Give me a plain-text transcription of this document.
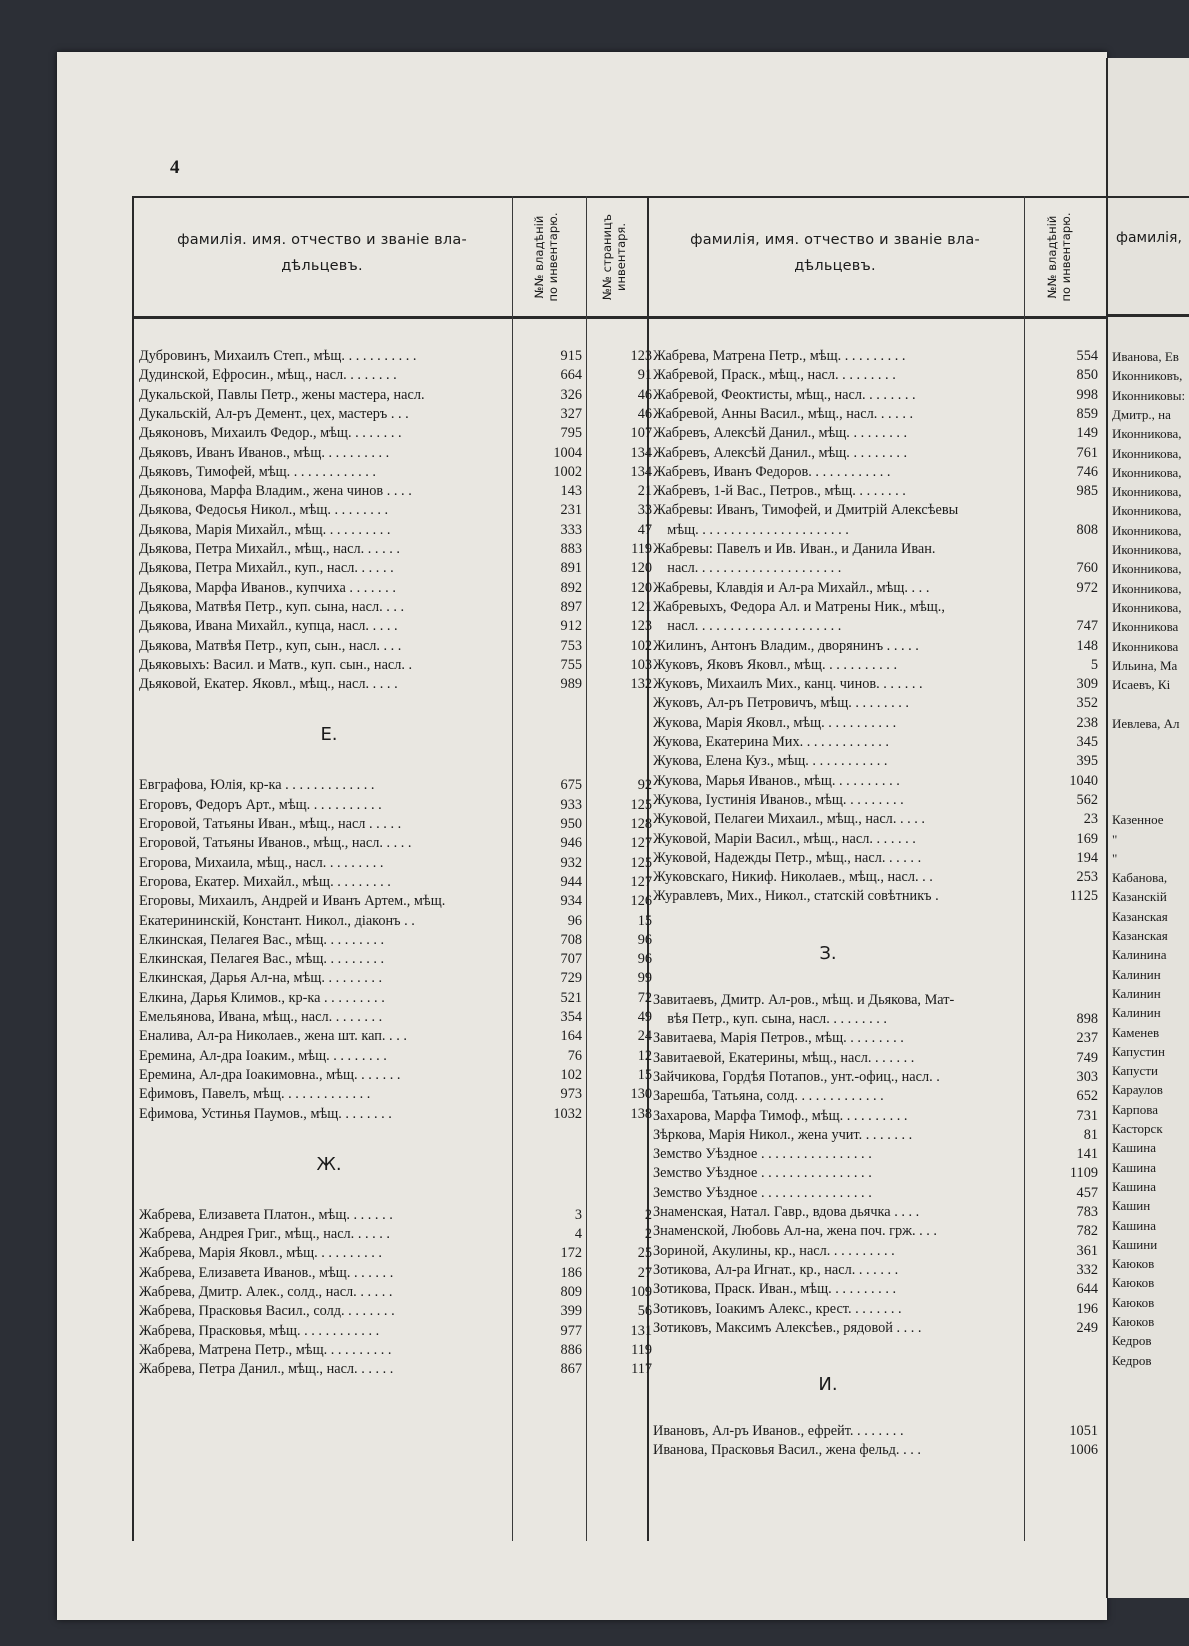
4
фамилія. имя. отчество и званіе вла-
дѣльцевъ.	№№ владѣній по инвентарю.	№№ страницъ инвентаря.	фамилія, имя. отчество и званіе вла-
дѣльцевъ.	№№ владѣній по инвентарю.
Дубровинъ, Михаилъ Степ., мѣщ. . . . . . . . . . .	915	123
Дудинской, Ефросин., мѣщ., насл. . . . . . . .	664	91
Дукальской, Павлы Петр., жены мастера, насл.	326	46
Дукальскій, Ал-ръ Демент., цех, мастеръ . . .	327	46
Дьяконовъ, Михаилъ Федор., мѣщ. . . . . . . .	795	107
Дьяковъ, Иванъ Иванов., мѣщ. . . . . . . . . .	1004	134
Дьяковъ, Тимофей, мѣщ. . . . . . . . . . . . .	1002	134
Дьяконова, Марфа Владим., жена чинов . . . .	143	21
Дьякова, Федосья Никол., мѣщ. . . . . . . . .	231	33
Дьякова, Марія Михайл., мѣщ. . . . . . . . . .	333	47
Дьякова, Петра Михайл., мѣщ., насл. . . . . .	883	119
Дьякова, Петра Михайл., куп., насл. . . . . .	891	120
Дьякова, Марфа Иванов., купчиха . . . . . . .	892	120
Дьякова, Матвѣя Петр., куп. сына, насл. . . .	897	121
Дьякова, Ивана Михайл., купца, насл. . . . .	912	123
Дьякова, Матвѣя Петр., куп, сын., насл. . . .	753	102
Дьяковыхъ: Васил. и Матв., куп. сын., насл. .	755	103
Дьяковой, Екатер. Яковл., мѣщ., насл. . . . .	989	132
Е.
Евграфова, Юлія, кр-ка . . . . . . . . . . . . .	675	92
Егоровъ, Федоръ Арт., мѣщ. . . . . . . . . . .	933	125
Егоровой, Татьяны Иван., мѣщ., насл . . . . .	950	128
Егоровой, Татьяны Иванов., мѣщ., насл. . . . .	946	127
Егорова, Михаила, мѣщ., насл. . . . . . . . .	932	125
Егорова, Екатер. Михайл., мѣщ. . . . . . . . .	944	127
Егоровы, Михаилъ, Андрей и Иванъ Артем., мѣщ.	934	126
Екатерининскій, Констант. Никол., діаконъ . .	96	15
Елкинская, Пелагея Вас., мѣщ. . . . . . . . .	708	96
Елкинская, Пелагея Вас., мѣщ. . . . . . . . .	707	96
Елкинская, Дарья Ал-на, мѣщ. . . . . . . . .	729	99
Елкина, Дарья Климов., кр-ка . . . . . . . . .	521	72
Емельянова, Ивана, мѣщ., насл. . . . . . . .	354	49
Еналива, Ал-ра Николаев., жена шт. кап. . . .	164	24
Еремина, Ал-дра Іоаким., мѣщ. . . . . . . . .	76	12
Еремина, Ал-дра Іоакимовна., мѣщ. . . . . . .	102	15
Ефимовъ, Павелъ, мѣщ. . . . . . . . . . . . .	973	130
Ефимова, Устинья Паумов., мѣщ. . . . . . . .	1032	138
Ж.
Жабрева, Елизавета Платон., мѣщ. . . . . . .	3	2
Жабрева, Андрея Григ., мѣщ., насл. . . . . .	4	2
Жабрева, Марія Яковл., мѣщ. . . . . . . . . .	172	25
Жабрева, Елизавета Иванов., мѣщ. . . . . . .	186	27
Жабрева, Дмитр. Алек., солд., насл. . . . . .	809	109
Жабрева, Прасковья Васил., солд. . . . . . . .	399	56
Жабрева, Прасковья, мѣщ. . . . . . . . . . . .	977	131
Жабрева, Матрена Петр., мѣщ. . . . . . . . . .	886	119
Жабрева, Петра Данил., мѣщ., насл. . . . . .	867	117
Жабрева, Матрена Петр., мѣщ. . . . . . . . . .	554
Жабревой, Праск., мѣщ., насл. . . . . . . . .	850
Жабревой, Феоктисты, мѣщ., насл. . . . . . . .	998
Жабревой, Анны Васил., мѣщ., насл. . . . . .	859
Жабревъ, Алексѣй Данил., мѣщ. . . . . . . . .	149
Жабревъ, Алексѣй Данил., мѣщ. . . . . . . . .	761
Жабревъ, Иванъ Федоров. . . . . . . . . . . .	746
Жабревъ, 1-й Вас., Петров., мѣщ. . . . . . . .	985
Жабревы: Иванъ, Тимофей, и Дмитрій Алексѣевы
мѣщ. . . . . . . . . . . . . . . . . . . . . .	808
Жабревы: Павелъ и Ив. Иван., и Данила Иван.
насл. . . . . . . . . . . . . . . . . . . . .	760
Жабревы, Клавдія и Ал-ра Михайл., мѣщ. . . .	972
Жабревыхъ, Федора Ал. и Матрены Ник., мѣщ.,
насл. . . . . . . . . . . . . . . . . . . . .	747
Жилинъ, Антонъ Владим., дворянинъ . . . . .	148
Жуковъ, Яковъ Яковл., мѣщ. . . . . . . . . . .	5
Жуковъ, Михаилъ Мих., канц. чинов. . . . . . .	309
Жуковъ, Ал-ръ Петровичъ, мѣщ. . . . . . . . .	352
Жукова, Марія Яковл., мѣщ. . . . . . . . . . .	238
Жукова, Екатерина Мих. . . . . . . . . . . . .	345
Жукова, Елена Куз., мѣщ. . . . . . . . . . . .	395
Жукова, Марья Иванов., мѣщ. . . . . . . . . .	1040
Жукова, Іустинія Иванов., мѣщ. . . . . . . . .	562
Жуковой, Пелагеи Михаил., мѣщ., насл. . . . .	23
Жуковой, Маріи Васил., мѣщ., насл. . . . . . .	169
Жуковой, Надежды Петр., мѣщ., насл. . . . . .	194
Жуковскаго, Никиф. Николаев., мѣщ., насл. . .	253
Журавлевъ, Мих., Никол., статскій совѣтникъ .	1125
З.
Завитаевъ, Дмитр. Ал-ров., мѣщ. и Дьякова, Мат-
вѣя Петр., куп. сына, насл. . . . . . . . .	898
Завитаева, Марія Петров., мѣщ. . . . . . . . .	237
Завитаевой, Екатерины, мѣщ., насл. . . . . . .	749
Зайчикова, Гордѣя Потапов., унт.-офиц., насл. .	303
Зарешба, Татьяна, солд. . . . . . . . . . . . .	652
Захарова, Марфа Тимоф., мѣщ. . . . . . . . . .	731
Зѣркова, Марія Никол., жена учит. . . . . . . .	81
Земство Уѣздное . . . . . . . . . . . . . . . .	141
Земство Уѣздное . . . . . . . . . . . . . . . .	1109
Земство Уѣздное . . . . . . . . . . . . . . . .	457
Знаменская, Натал. Гавр., вдова дьячка . . . .	783
Знаменской, Любовь Ал-на, жена поч. грж. . . .	782
Зориной, Акулины, кр., насл. . . . . . . . . .	361
Зотикова, Ал-ра Игнат., кр., насл. . . . . . .	332
Зотикова, Праск. Иван., мѣщ. . . . . . . . . .	644
Зотиковъ, Іоакимъ Алекс., крест. . . . . . . .	196
Зотиковъ, Максимъ Алексѣев., рядовой . . . .	249
И.
Ивановъ, Ал-ръ Иванов., ефрейт. . . . . . . .	1051
Иванова, Прасковья Васил., жена фельд. . . .	1006
фамилія,
Иванова, Ев
Иконниковъ,
Иконниковы:
Дмитр., на
Иконникова,
Иконникова,
Иконникова,
Иконникова,
Иконникова,
Иконникова,
Иконникова,
Иконникова,
Иконникова,
Иконникова,
Иконникова
Иконникова
Ильина, Ма
Исаевъ, Кі
Иевлева, Ал
Казенное
"
"
Кабанова,
Казанскій
Казанская
Казанская
Калинина
Калинин
Калинин
Калинин
Каменев
Капустин
Капусти
Караулов
Карпова
Касторск
Кашина
Кашина
Кашина
Кашин
Кашина
Кашини
Каюков
Каюков
Каюков
Каюков
Кедров
Кедров
